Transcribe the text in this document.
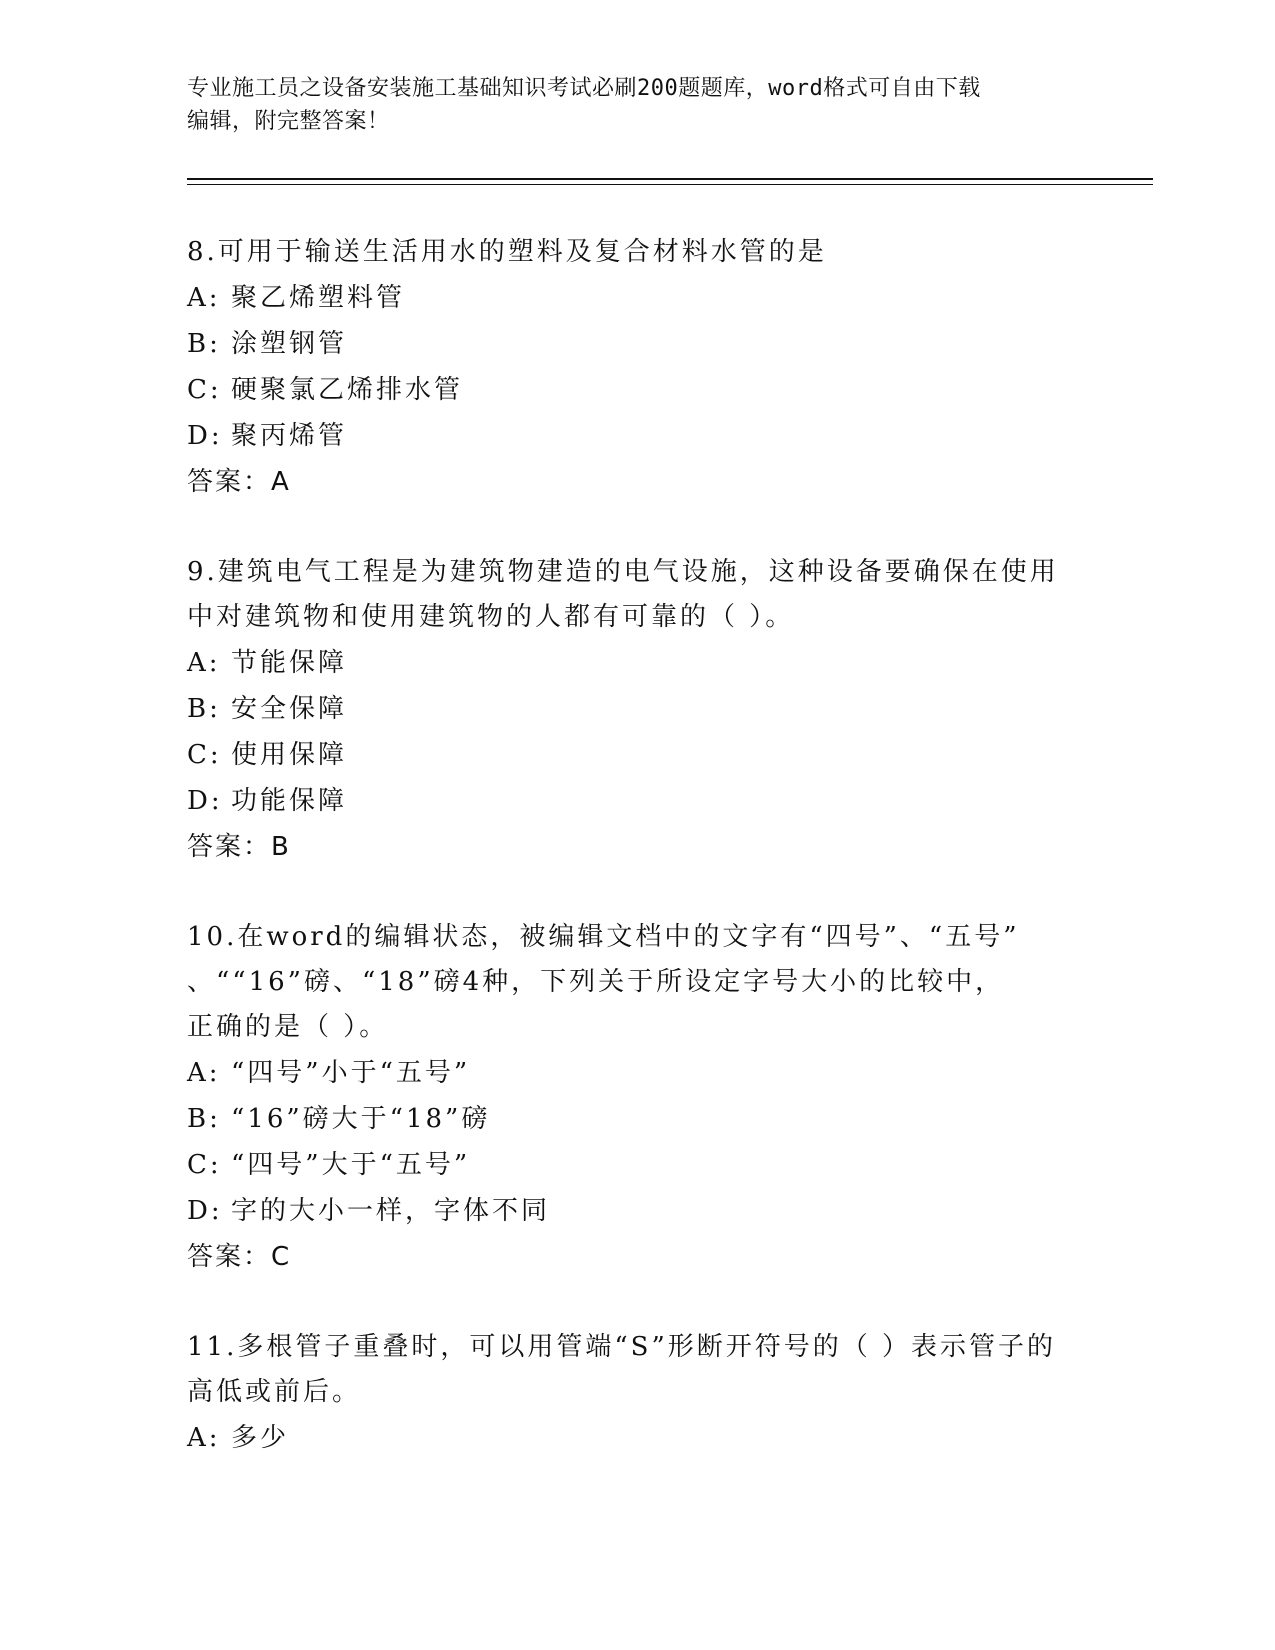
专业施工员之设备安装施工基础知识考试必刷200题题库，word格式可自由下载
编辑，附完整答案！
8.可用于输送生活用水的塑料及复合材料水管的是
A: 聚乙烯塑料管
B: 涂塑钢管
C: 硬聚氯乙烯排水管
D: 聚丙烯管
答案：A
9.建筑电气工程是为建筑物建造的电气设施，这种设备要确保在使用
中对建筑物和使用建筑物的人都有可靠的（ ）。
A: 节能保障
B: 安全保障
C: 使用保障
D: 功能保障
答案：B
10.在word的编辑状态，被编辑文档中的文字有“四号”、“五号”
、““16”磅、“18”磅4种，下列关于所设定字号大小的比较中，
正确的是（ ）。
A: “四号”小于“五号”
B: “16”磅大于“18”磅
C: “四号”大于“五号”
D: 字的大小一样，字体不同
答案：C
11.多根管子重叠时，可以用管端“S”形断开符号的（ ）表示管子的
高低或前后。
A: 多少
